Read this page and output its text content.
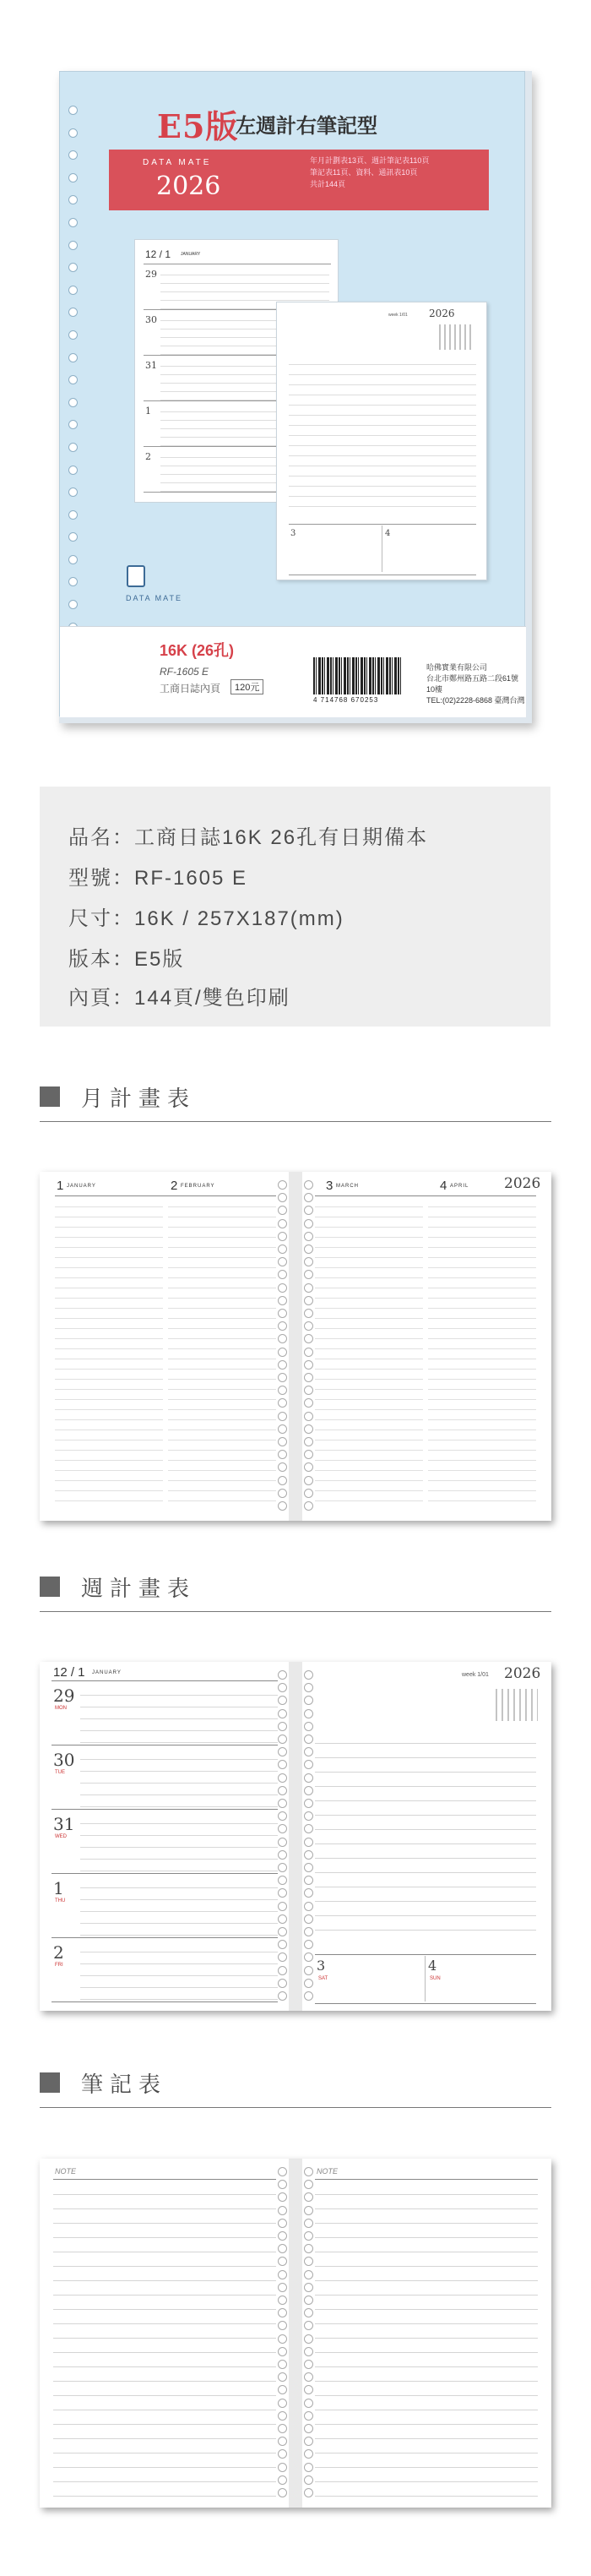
E5版
左週計右筆記型
DATA MATE
2026
年月計劃表13頁、週計筆記表110頁
筆記表11頁、資料、通訊表10頁
共計144頁
12 / 1 JANUARY
29
30
31
1
2
week 1/01 2026
3	4
DATA MATE
16K (26孔)
RF-1605 E
工商日誌內頁	120元
4 714768 670253
哈佛實業有限公司
台北市鄭州路五路二段61號10樓
TEL:(02)2228-6868 臺灣台灣
品名：工商日誌16K 26孔有日期備本
型號：RF-1605 E
尺寸：16K / 257X187(mm)
版本：E5版
內頁：144頁/雙色印刷
月計畫表
1 JANUARY	2 FEBRUARY	3 MARCH	4 APRIL 2026
週計畫表
12 / 1 JANUARY
29
MON
30
TUE
31
WED
1
THU
2
FRI
week 1/01 2026
3
SAT
4
SUN
筆記表
NOTE	NOTE
